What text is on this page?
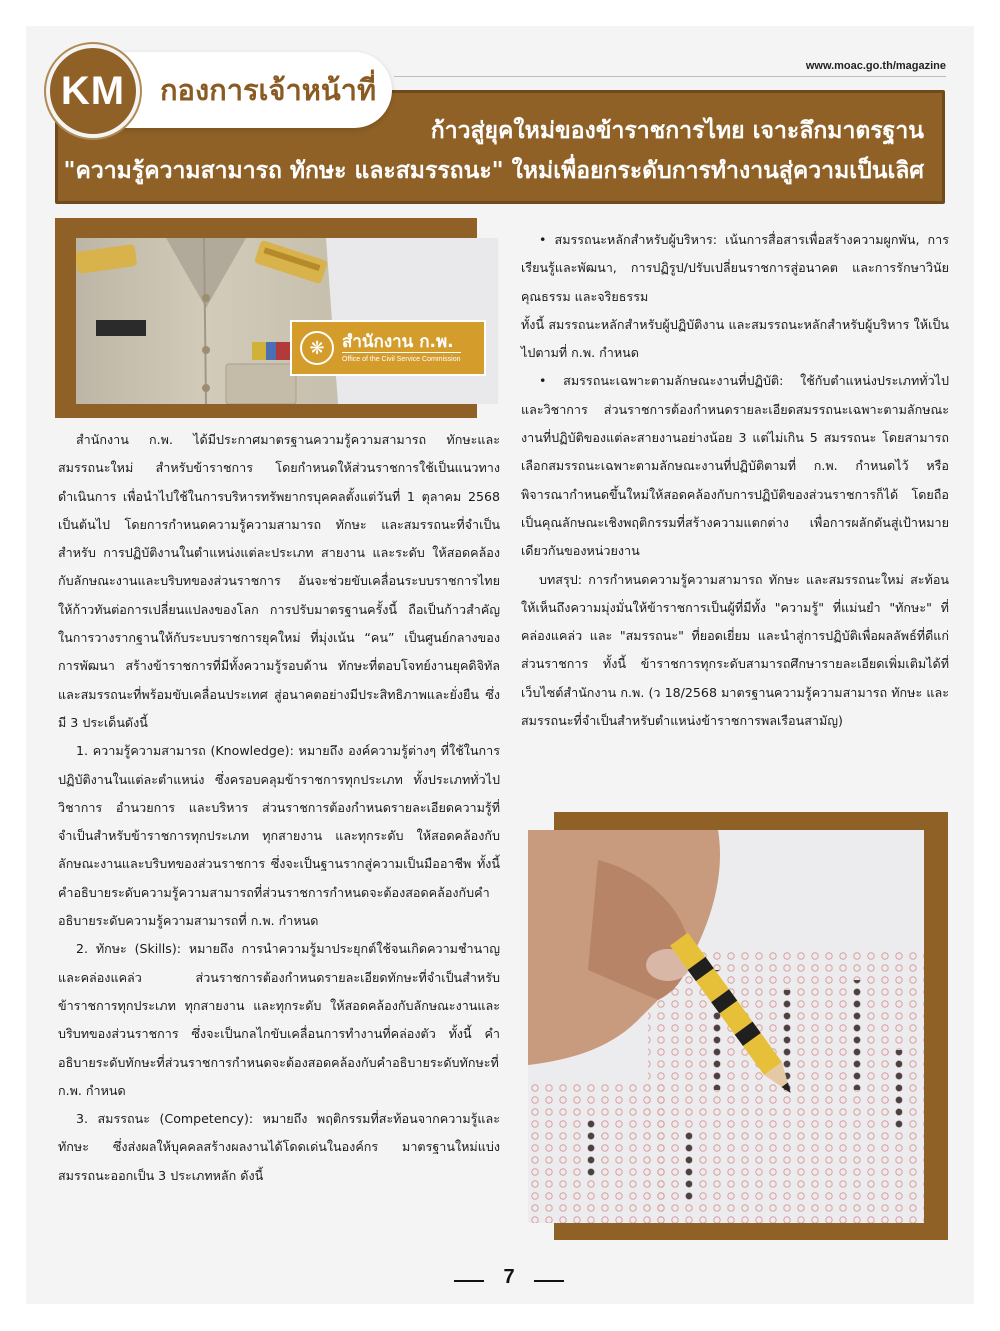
KM กองการเจ้าหน้าที่
www.moac.go.th/magazine
ก้าวสู่ยุคใหม่ของข้าราชการไทย เจาะลึกมาตรฐาน
"ความรู้ความสามารถ ทักษะ และสมรรถนะ" ใหม่เพื่อยกระดับการทำงานสู่ความเป็นเลิศ
❋	สำนักงาน ก.พ.
Office of the Civil Service Commission

สำนักงาน ก.พ. ได้มีประกาศมาตรฐานความรู้ความสามารถ ทักษะและสมรรถนะใหม่ สำหรับข้าราชการ โดยกำหนดให้ส่วนราชการใช้เป็นแนวทางดำเนินการ เพื่อนำไปใช้ในการบริหารทรัพยากรบุคคลตั้งแต่วันที่ 1 ตุลาคม 2568 เป็นต้นไป โดยการกำหนดความรู้ความสามารถ ทักษะ และสมรรถนะที่จำเป็นสำหรับ การปฏิบัติงานในตำแหน่งแต่ละประเภท สายงาน และระดับ ให้สอดคล้องกับลักษณะงานและบริบทของส่วนราชการ อันจะช่วยขับเคลื่อนระบบราชการไทยให้ก้าวทันต่อการเปลี่ยนแปลงของโลก การปรับมาตรฐานครั้งนี้ ถือเป็นก้าวสำคัญในการวางรากฐานให้กับระบบราชการยุคใหม่ ที่มุ่งเน้น “คน” เป็นศูนย์กลางของการพัฒนา สร้างข้าราชการที่มีทั้งความรู้รอบด้าน ทักษะที่ตอบโจทย์งานยุคดิจิทัล และสมรรถนะที่พร้อมขับเคลื่อนประเทศ สู่อนาคตอย่างมีประสิทธิภาพและยั่งยืน ซึ่งมี 3 ประเด็นดังนี้

1. ความรู้ความสามารถ (Knowledge): หมายถึง องค์ความรู้ต่างๆ ที่ใช้ในการปฏิบัติงานในแต่ละตำแหน่ง ซึ่งครอบคลุมข้าราชการทุกประเภท ทั้งประเภททั่วไป วิชาการ อำนวยการ และบริหาร ส่วนราชการต้องกำหนดรายละเอียดความรู้ที่จำเป็นสำหรับข้าราชการทุกประเภท ทุกสายงาน และทุกระดับ ให้สอดคล้องกับลักษณะงานและบริบทของส่วนราชการ ซึ่งจะเป็นฐานรากสู่ความเป็นมืออาชีพ ทั้งนี้ คำอธิบายระดับความรู้ความสามารถที่ส่วนราชการกำหนดจะต้องสอดคล้องกับคำอธิบายระดับความรู้ความสามารถที่ ก.พ. กำหนด

2. ทักษะ (Skills): หมายถึง การนำความรู้มาประยุกต์ใช้จนเกิดความชำนาญและคล่องแคล่ว ส่วนราชการต้องกำหนดรายละเอียดทักษะที่จำเป็นสำหรับข้าราชการทุกประเภท ทุกสายงาน และทุกระดับ ให้สอดคล้องกับลักษณะงานและบริบทของส่วนราชการ ซึ่งจะเป็นกลไกขับเคลื่อนการทำงานที่คล่องตัว ทั้งนี้ คำอธิบายระดับทักษะที่ส่วนราชการกำหนดจะต้องสอดคล้องกับคำอธิบายระดับทักษะที่ ก.พ. กำหนด

3. สมรรถนะ (Competency): หมายถึง พฤติกรรมที่สะท้อนจากความรู้และทักษะ ซึ่งส่งผลให้บุคคลสร้างผลงานได้โดดเด่นในองค์กร มาตรฐานใหม่แบ่งสมรรถนะออกเป็น 3 ประเภทหลัก ดังนี้

• สมรรถนะหลักสำหรับผู้บริหาร: เน้นการสื่อสารเพื่อสร้างความผูกพัน, การเรียนรู้และพัฒนา, การปฏิรูป/ปรับเปลี่ยนราชการสู่อนาคต และการรักษาวินัย คุณธรรม และจริยธรรม

ทั้งนี้ สมรรถนะหลักสำหรับผู้ปฏิบัติงาน และสมรรถนะหลักสำหรับผู้บริหาร ให้เป็นไปตามที่ ก.พ. กำหนด

• สมรรถนะเฉพาะตามลักษณะงานที่ปฏิบัติ: ใช้กับตำแหน่งประเภททั่วไป และวิชาการ ส่วนราชการต้องกำหนดรายละเอียดสมรรถนะเฉพาะตามลักษณะงานที่ปฏิบัติของแต่ละสายงานอย่างน้อย 3 แต่ไม่เกิน 5 สมรรถนะ โดยสามารถเลือกสมรรถนะเฉพาะตามลักษณะงานที่ปฏิบัติตามที่ ก.พ. กำหนดไว้ หรือพิจารณากำหนดขึ้นใหม่ให้สอดคล้องกับการปฏิบัติของส่วนราชการก็ได้ โดยถือเป็นคุณลักษณะเชิงพฤติกรรมที่สร้างความแตกต่าง เพื่อการผลักดันสู่เป้าหมายเดียวกันของหน่วยงาน

บทสรุป: การกำหนดความรู้ความสามารถ ทักษะ และสมรรถนะใหม่ สะท้อนให้เห็นถึงความมุ่งมั่นให้ข้าราชการเป็นผู้ที่มีทั้ง "ความรู้" ที่แม่นยำ "ทักษะ" ที่คล่องแคล่ว และ "สมรรถนะ" ที่ยอดเยี่ยม และนำสู่การปฏิบัติเพื่อผลลัพธ์ที่ดีแก่ส่วนราชการ ทั้งนี้ ข้าราชการทุกระดับสามารถศึกษารายละเอียดเพิ่มเติมได้ที่เว็บไซต์สำนักงาน ก.พ. (ว 18/2568 มาตรฐานความรู้ความสามารถ ทักษะ และสมรรถนะที่จำเป็นสำหรับตำแหน่งข้าราชการพลเรือนสามัญ)

7
